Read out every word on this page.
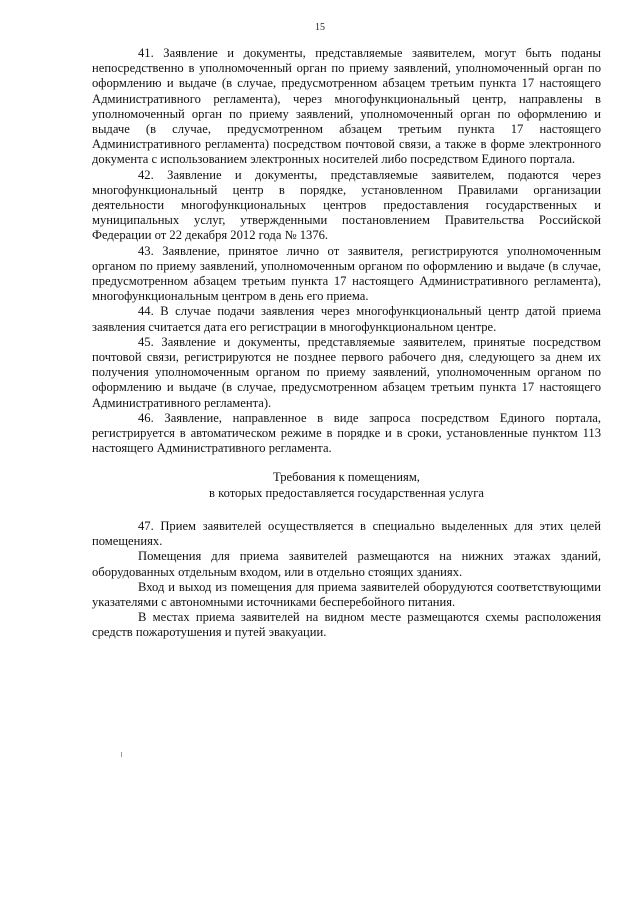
15

41. Заявление и документы, представляемые заявителем, могут быть поданы непосредственно в уполномоченный орган по приему заявлений, уполномоченный орган по оформлению и выдаче (в случае, предусмотренном абзацем третьим пункта 17 настоящего Административного регламента), через многофункциональный центр, направлены в уполномоченный орган по приему заявлений, уполномоченный орган по оформлению и выдаче (в случае, предусмотренном абзацем третьим пункта 17 настоящего Административного регламента) посредством почтовой связи, а также в форме электронного документа с использованием электронных носителей либо посредством Единого портала.

42. Заявление и документы, представляемые заявителем, подаются через многофункциональный центр в порядке, установленном Правилами организации деятельности многофункциональных центров предоставления государственных и муниципальных услуг, утвержденными постановлением Правительства Российской Федерации от 22 декабря 2012 года № 1376.

43. Заявление, принятое лично от заявителя, регистрируются уполномоченным органом по приему заявлений, уполномоченным органом по оформлению и выдаче (в случае, предусмотренном абзацем третьим пункта 17 настоящего Административного регламента), многофункциональным центром в день его приема.

44. В случае подачи заявления через многофункциональный центр датой приема заявления считается дата его регистрации в многофункциональном центре.

45. Заявление и документы, представляемые заявителем, принятые посредством почтовой связи, регистрируются не позднее первого рабочего дня, следующего за днем их получения уполномоченным органом по приему заявлений, уполномоченным органом по оформлению и выдаче (в случае, предусмотренном абзацем третьим пункта 17 настоящего Административного регламента).

46. Заявление, направленное в виде запроса посредством Единого портала, регистрируется в автоматическом режиме в порядке и в сроки, установленные пунктом 113 настоящего Административного регламента.

Требования к помещениям,
в которых предоставляется государственная услуга

47. Прием заявителей осуществляется в специально выделенных для этих целей помещениях.

Помещения для приема заявителей размещаются на нижних этажах зданий, оборудованных отдельным входом, или в отдельно стоящих зданиях.

Вход и выход из помещения для приема заявителей оборудуются соответствующими указателями с автономными источниками бесперебойного питания.

В местах приема заявителей на видном месте размещаются схемы расположения средств пожаротушения и путей эвакуации.
